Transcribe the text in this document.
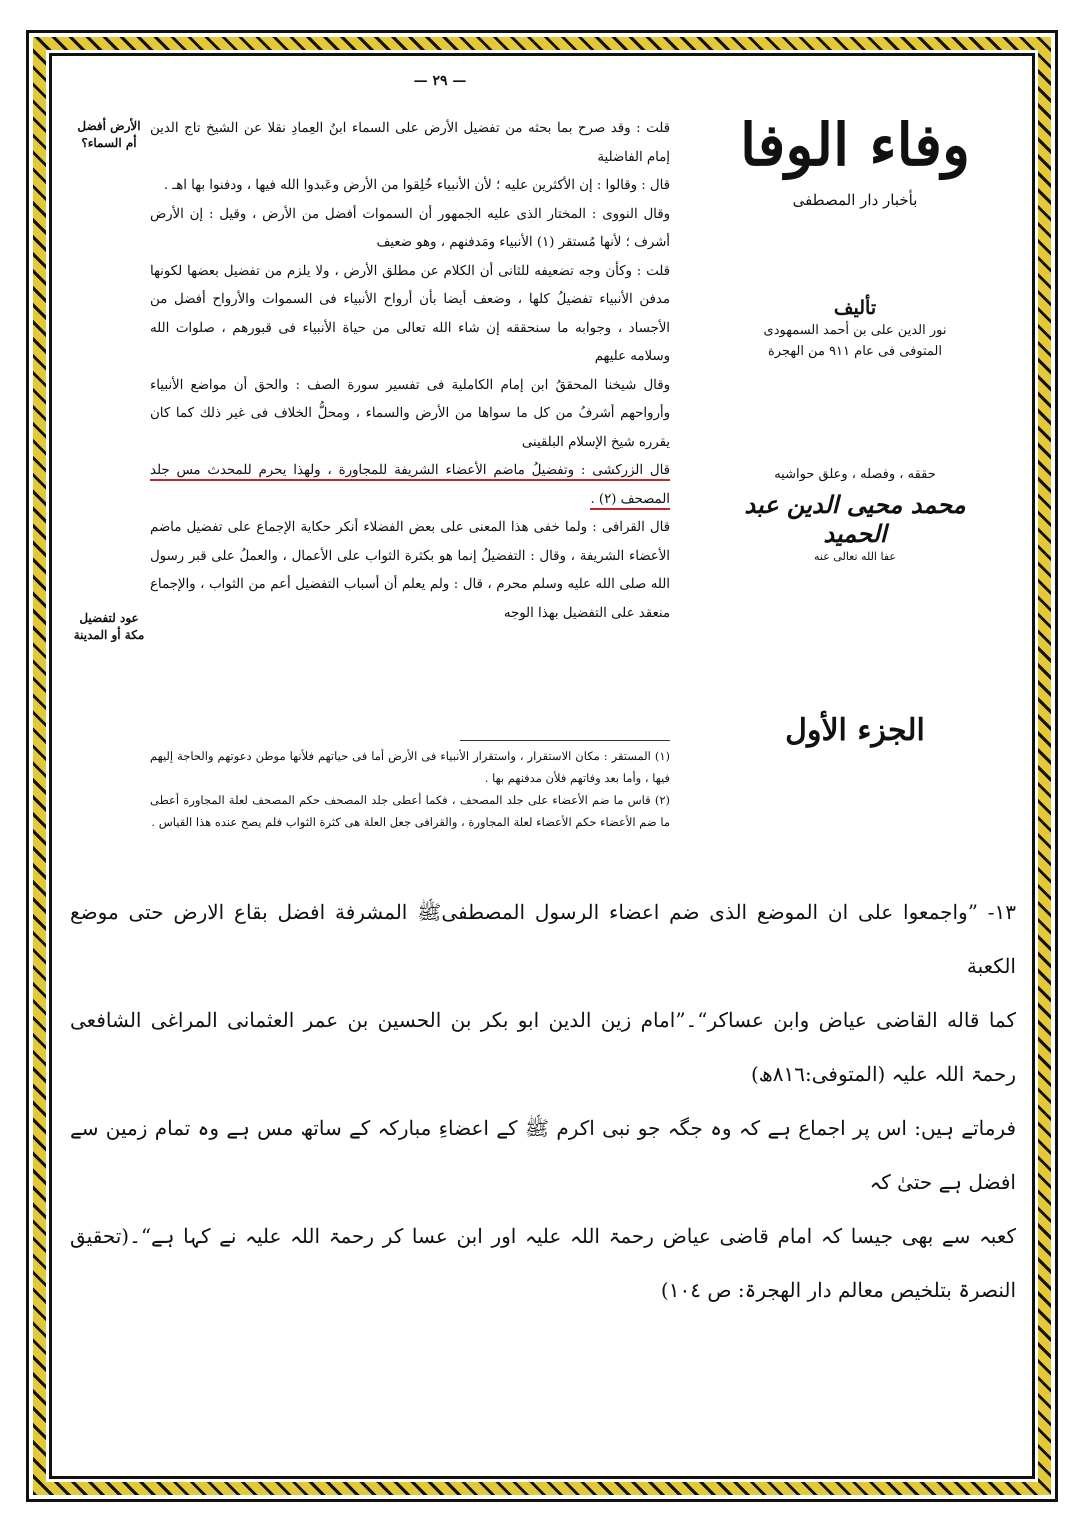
— ٢٩ —
الأرض أفضل أم السماء؟
عود لتفضيل مكة أو المدينة

قلت : وقد صرح بما بحثه من تفضيل الأرض على السماء ابنُ العِمادِ نقلا عن الشيخ تاج الدين إمام الفاضلية

قال : وقالوا : إن الأكثرين عليه ؛ لأن الأنبياء خُلِقوا من الأرض وعَبدوا الله فيها ، ودفنوا بها اهـ .

وقال النووى : المختار الذى عليه الجمهور أن السموات أفضل من الأرض ، وقيل : إن الأرض أشرف ؛ لأنها مُستقر (١) الأنبياء ومَدفنهم ، وهو ضعيف

قلت : وكأن وجه تضعيفه للثانى أن الكلام عن مطلق الأرض ، ولا يلزم من تفضيل بعضها لكونها مدفن الأنبياء تفضيلُ كلها ، وضعف أيضا بأن أرواح الأنبياء فى السموات والأرواح أفضل من الأجساد ، وجوابه ما سنحققه إن شاء الله تعالى من حياة الأنبياء فى قبورهم ، صلوات الله وسلامه عليهم

وقال شيخنا المحققُ ابن إمام الكاملية فى تفسير سورة الصف : والحق أن مواضع الأنبياء وأرواحهم أشرفُ من كل ما سواها من الأرض والسماء ، ومحلُّ الخلاف فى غير ذلك كما كان يقرره شيخ الإسلام البلقينى

قال الزركشى : وتفضيلُ ماضم الأعضاء الشريفة للمجاورة ، ولهذا يحرم للمحدث مس جلد المصحف (٢) .

قال القرافى : ولما خفى هذا المعنى على بعض الفضلاء أنكر حكاية الإجماع على تفضيل ماضم الأعضاء الشريفة ، وقال : التفضيلُ إنما هو بكثرة الثواب على الأعمال ، والعملُ على قبر رسول الله صلى الله عليه وسلم محرم ، قال : ولم يعلم أن أسباب التفضيل أعم من الثواب ، والإجماع منعقد على التفضيل بهذا الوجه

(١) المستقر : مكان الاستقرار ، واستقرار الأنبياء فى الأرض أما فى حياتهم فلأنها موطن دعوتهم والحاجة إليهم فيها ، وأما بعد وفاتهم فلأن مدفنهم بها .

(٢) قاس ما ضم الأعضاء على جلد المصحف ، فكما أعطى جلد المصحف حكم المصحف لعلة المجاورة أعطى ما ضم الأعضاء حكم الأعضاء لعلة المجاورة ، والقرافى جعل العلة هى كثرة الثواب فلم يصح عنده هذا القياس .

وفاء الوفا
بأخبار دار المصطفى
تأليف
نور الدين على بن أحمد السمهودى
المتوفى فى عام ٩١١ من الهجرة
حققه ، وفصله ، وعلق حواشيه
محمد محيى الدين عبد الحميد
عفا الله تعالى عنه
الجزء الأول

١٣- ”واجمعوا على ان الموضع الذى ضم اعضاء الرسول المصطفىﷺ المشرفة افضل بقاع الارض حتى موضع الكعبة

كما قاله القاضى عياض وابن عساكر“۔”امام زین الدین ابو بکر بن الحسین بن عمر العثمانی المراغی الشافعی رحمۃ اللہ علیہ (المتوفی:٨١٦ھ)

فرماتے ہیں: اس پر اجماع ہے کہ وہ جگہ جو نبی اکرم ﷺ کے اعضاءِ مبارکہ کے ساتھ مس ہے وہ تمام زمین سے افضل ہے حتیٰ کہ

کعبہ سے بھی جیسا کہ امام قاضی عیاض رحمۃ اللہ علیہ اور ابن عسا کر رحمۃ اللہ علیہ نے کہا ہے“۔(تحقیق النصرۃ بتلخیص معالم دار الھجرۃ: ص ١٠٤)
